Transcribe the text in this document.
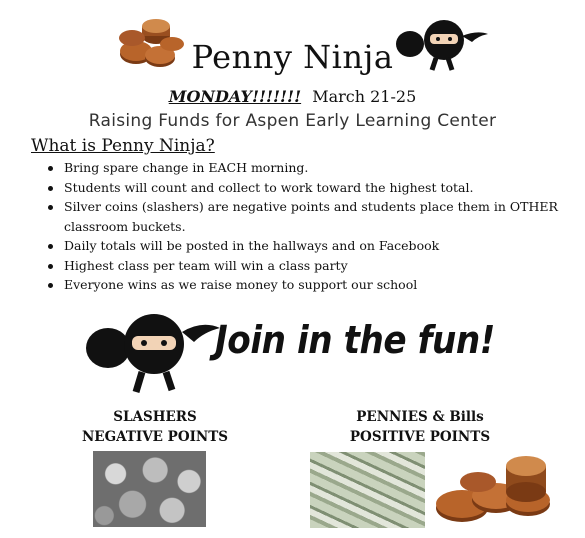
Penny Ninja
MONDAY!!!!!!! March 21-25
Raising Funds for Aspen Early Learning Center
What is Penny Ninja?
Bring spare change in EACH morning.
Students will count and collect to work toward the highest total.
Silver coins (slashers) are negative points and students place them in OTHER classroom buckets.
Daily totals will be posted in the hallways and on Facebook
Highest class per team will win a class party
Everyone wins as we raise money to support our school
Join in the fun!
SLASHERS
NEGATIVE POINTS
PENNIES & Bills
POSITIVE POINTS
